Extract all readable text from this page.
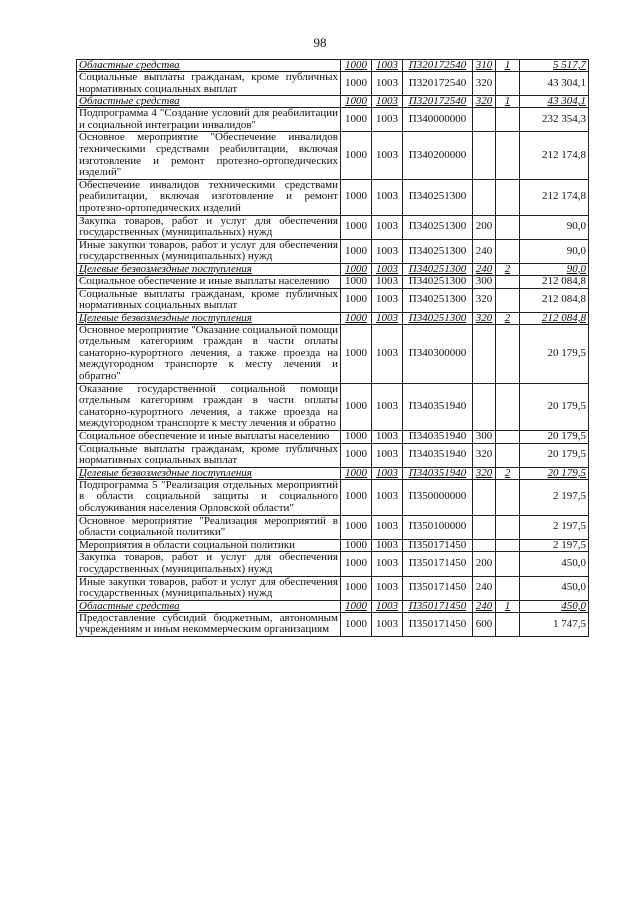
98
Областные средства	1000	1003	П320172540	310	1	5 517,7
Социальные выплаты гражданам, кроме публичных нормативных социальных выплат	1000	1003	П320172540	320		43 304,1
Областные средства	1000	1003	П320172540	320	1	43 304,1
Подпрограмма 4 "Создание условий для реабилитации и социальной интеграции инвалидов"	1000	1003	П340000000			232 354,3
Основное мероприятие "Обеспечение инвалидов техническими средствами реабилитации, включая изготовление и ремонт протезно-ортопедических изделий"	1000	1003	П340200000			212 174,8
Обеспечение инвалидов техническими средствами реабилитации, включая изготовление и ремонт протезно-ортопедических изделий	1000	1003	П340251300			212 174,8
Закупка товаров, работ и услуг для обеспечения государственных (муниципальных) нужд	1000	1003	П340251300	200		90,0
Иные закупки товаров, работ и услуг для обеспечения государственных (муниципальных) нужд	1000	1003	П340251300	240		90,0
Целевые безвозмездные поступления	1000	1003	П340251300	240	2	90,0
Социальное обеспечение и иные выплаты населению	1000	1003	П340251300	300		212 084,8
Социальные выплаты гражданам, кроме публичных нормативных социальных выплат	1000	1003	П340251300	320		212 084,8
Целевые безвозмездные поступления	1000	1003	П340251300	320	2	212 084,8
Основное мероприятие "Оказание социальной помощи отдельным категориям граждан в части оплаты санаторно-курортного лечения, а также проезда на междугородном транспорте к месту лечения и обратно"	1000	1003	П340300000			20 179,5
Оказание государственной социальной помощи отдельным категориям граждан в части оплаты санаторно-курортного лечения, а также проезда на междугородном транспорте к месту лечения и обратно	1000	1003	П340351940			20 179,5
Социальное обеспечение и иные выплаты населению	1000	1003	П340351940	300		20 179,5
Социальные выплаты гражданам, кроме публичных нормативных социальных выплат	1000	1003	П340351940	320		20 179,5
Целевые безвозмездные поступления	1000	1003	П340351940	320	2	20 179,5
Подпрограмма 5 "Реализация отдельных мероприятий в области социальной защиты и социального обслуживания населения Орловской области"	1000	1003	П350000000			2 197,5
Основное мероприятие "Реализация мероприятий в области социальной политики"	1000	1003	П350100000			2 197,5
Мероприятия в области социальной политики	1000	1003	П350171450			2 197,5
Закупка товаров, работ и услуг для обеспечения государственных (муниципальных) нужд	1000	1003	П350171450	200		450,0
Иные закупки товаров, работ и услуг для обеспечения государственных (муниципальных) нужд	1000	1003	П350171450	240		450,0
Областные средства	1000	1003	П350171450	240	1	450,0
Предоставление субсидий бюджетным, автономным учреждениям и иным некоммерческим организациям	1000	1003	П350171450	600		1 747,5
